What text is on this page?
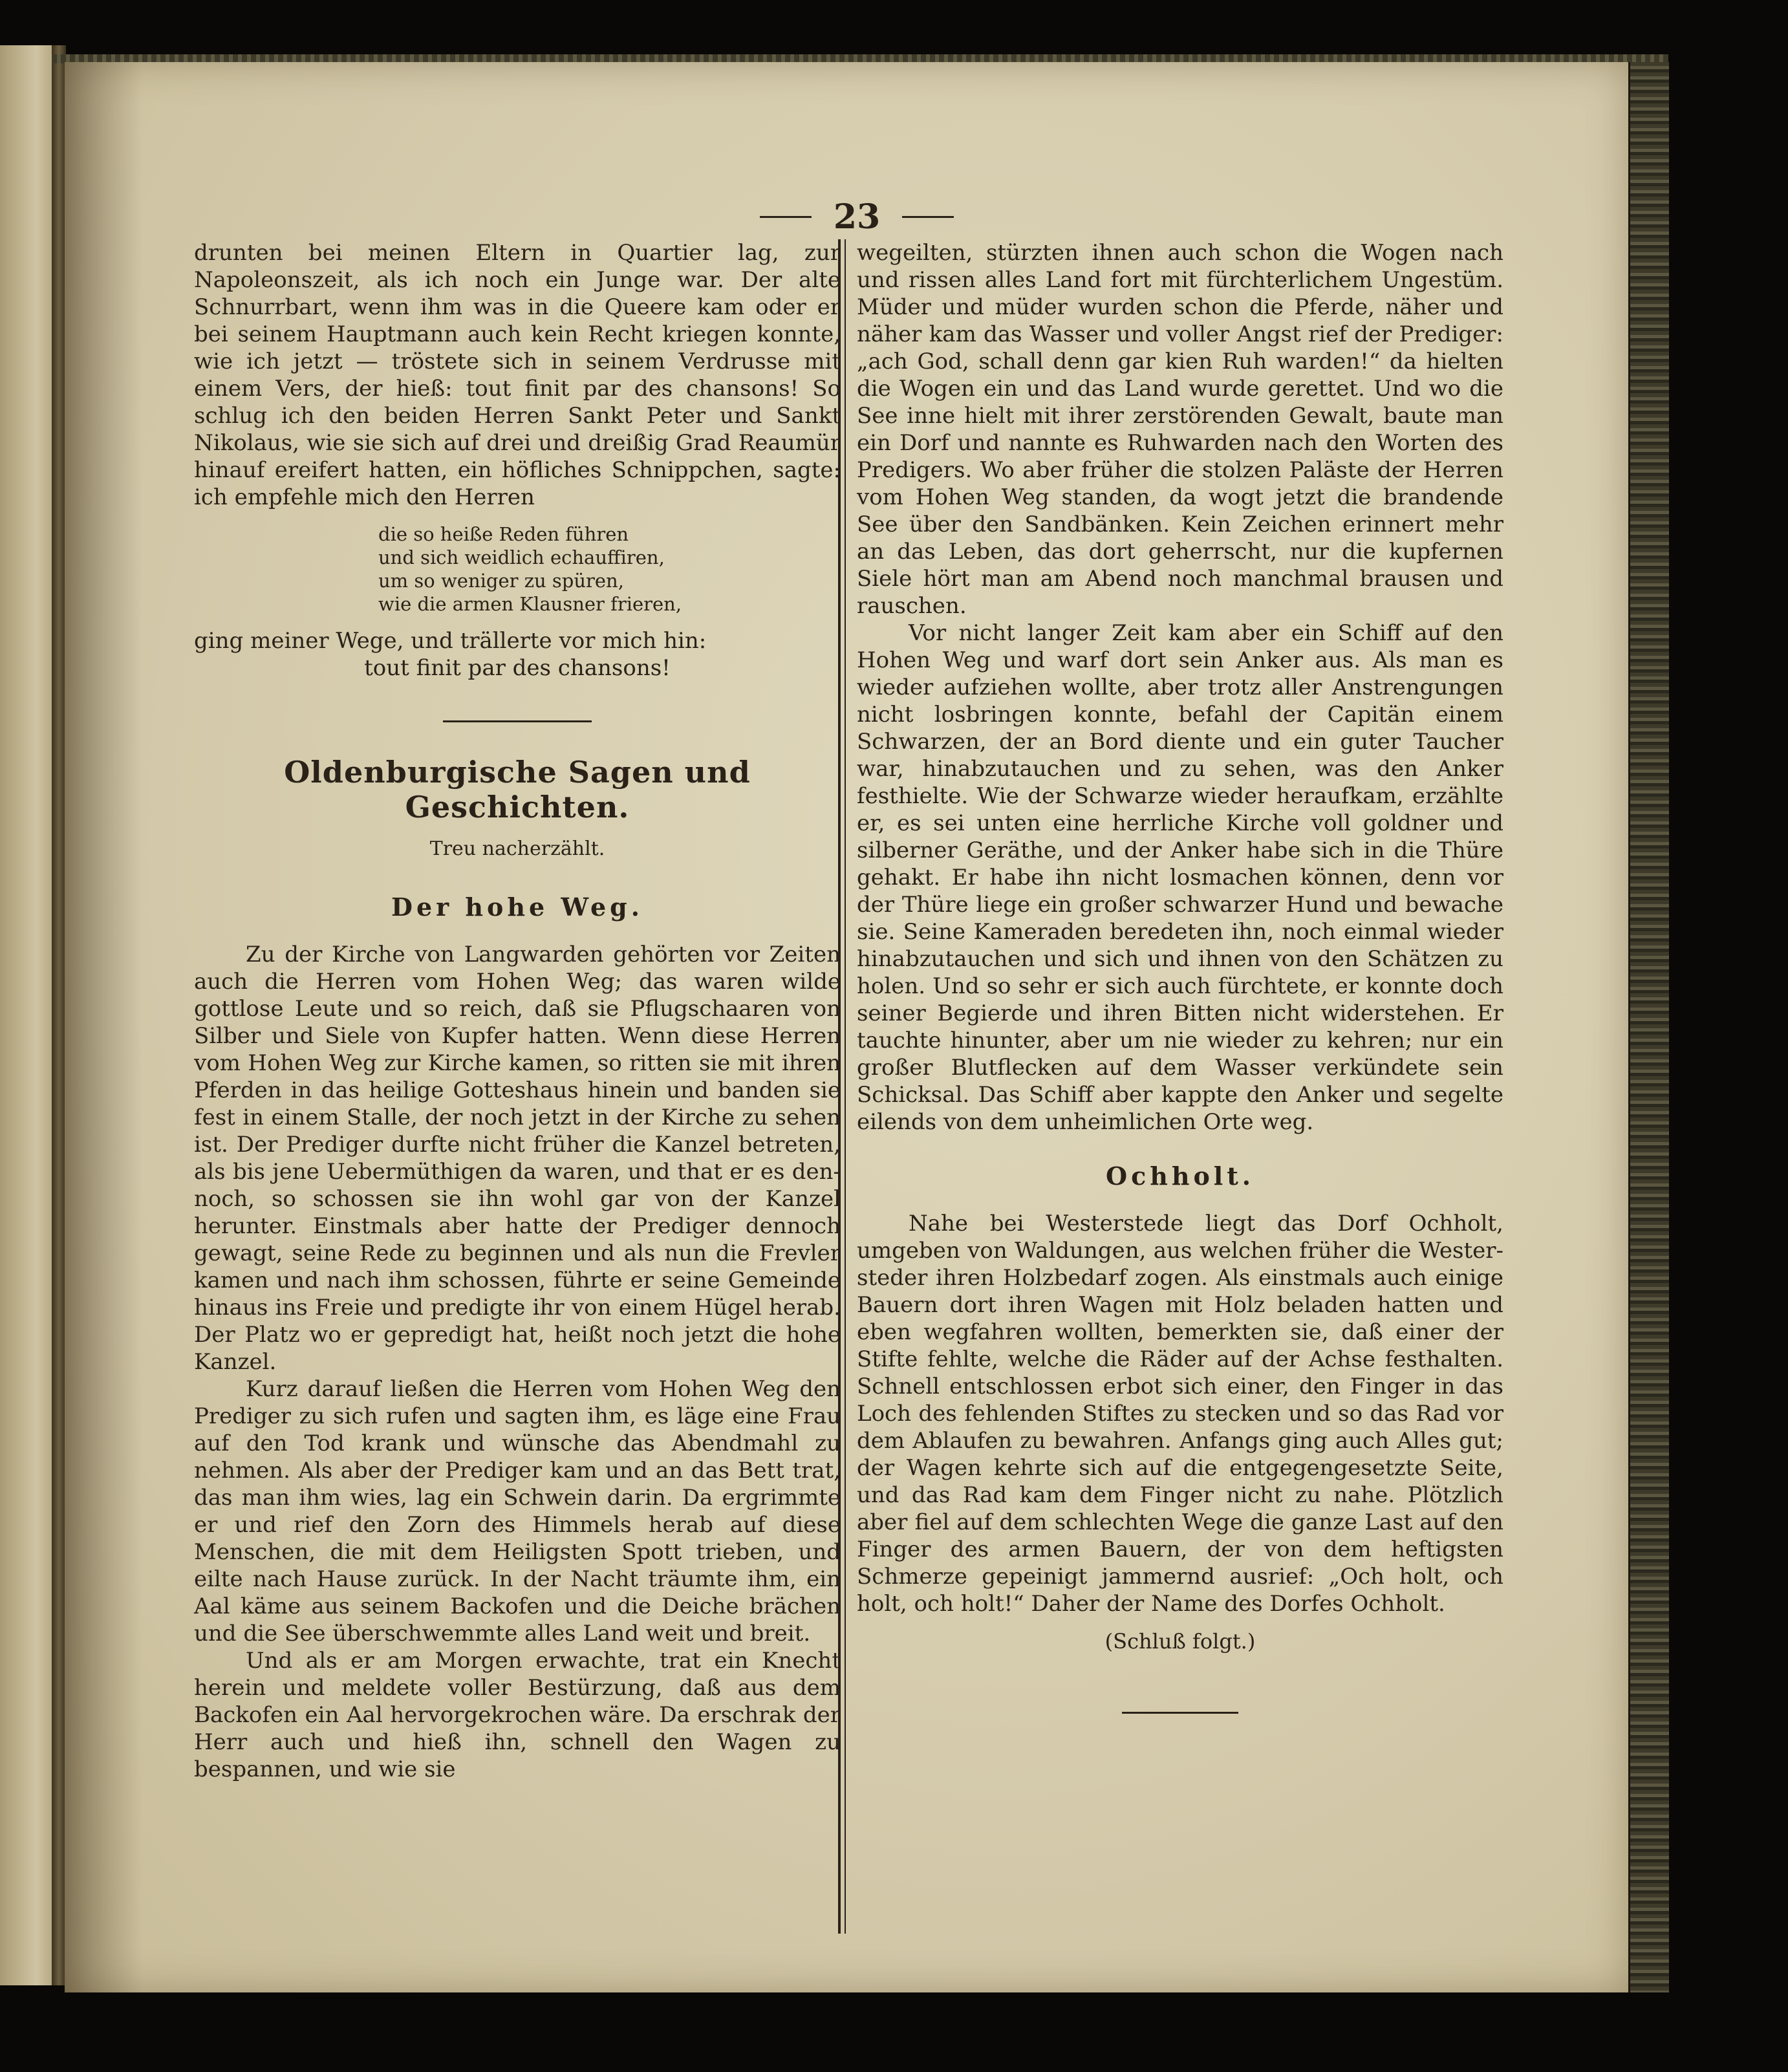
23

drunten bei meinen Eltern in Quartier lag, zur Napoleonszeit, als ich noch ein Junge war. Der alte Schnurrbart, wenn ihm was in die Queere kam oder er bei seinem Hauptmann auch kein Recht kriegen konnte, wie ich jetzt — tröstete sich in seinem Verdrusse mit einem Vers, der hieß: tout finit par des chansons! So schlug ich den beiden Herren Sankt Peter und Sankt Nikolaus, wie sie sich auf drei und dreißig Grad Reaumür hinauf ereifert hatten, ein höfliches Schnippchen, sagte: ich empfehle mich den Herren

die so heiße Reden führen
und sich weidlich echauffiren,
um so weniger zu spüren,
wie die armen Klausner frieren,

ging meiner Wege, und trällerte vor mich hin:

tout finit par des chansons!

Oldenburgische Sagen und Geschichten.
Treu nacherzählt.
Der hohe Weg.

Zu der Kirche von Langwarden gehörten vor Zeiten auch die Herren vom Hohen Weg; das waren wilde gottlose Leute und so reich, daß sie Pflugschaaren von Silber und Siele von Kupfer hatten. Wenn diese Herren vom Hohen Weg zur Kirche kamen, so ritten sie mit ihren Pferden in das heilige Gotteshaus hinein und banden sie fest in einem Stalle, der noch jetzt in der Kirche zu sehen ist. Der Prediger durfte nicht früher die Kanzel betreten, als bis jene Uebermüthigen da waren, und that er es dennoch, so schossen sie ihn wohl gar von der Kanzel herunter. Einstmals aber hatte der Prediger dennoch gewagt, seine Rede zu beginnen und als nun die Frevler kamen und nach ihm schossen, führte er seine Gemeinde hinaus ins Freie und predigte ihr von einem Hügel herab. Der Platz wo er gepredigt hat, heißt noch jetzt die hohe Kanzel.

Kurz darauf ließen die Herren vom Hohen Weg den Prediger zu sich rufen und sagten ihm, es läge eine Frau auf den Tod krank und wünsche das Abendmahl zu nehmen. Als aber der Prediger kam und an das Bett trat, das man ihm wies, lag ein Schwein darin. Da ergrimmte er und rief den Zorn des Himmels herab auf diese Menschen, die mit dem Heiligsten Spott trieben, und eilte nach Hause zurück. In der Nacht träumte ihm, ein Aal käme aus seinem Backofen und die Deiche brächen und die See überschwemmte alles Land weit und breit.

Und als er am Morgen erwachte, trat ein Knecht herein und meldete voller Bestürzung, daß aus dem Backofen ein Aal hervorgekrochen wäre. Da erschrak der Herr auch und hieß ihn, schnell den Wagen zu bespannen, und wie sie

wegeilten, stürzten ihnen auch schon die Wogen nach und rissen alles Land fort mit fürchterlichem Ungestüm. Müder und müder wurden schon die Pferde, näher und näher kam das Wasser und voller Angst rief der Prediger: „ach God, schall denn gar kien Ruh warden!“ da hielten die Wogen ein und das Land wurde gerettet. Und wo die See inne hielt mit ihrer zerstörenden Gewalt, baute man ein Dorf und nannte es Ruhwarden nach den Worten des Predigers. Wo aber früher die stolzen Paläste der Herren vom Hohen Weg standen, da wogt jetzt die brandende See über den Sandbänken. Kein Zeichen erinnert mehr an das Leben, das dort geherrscht, nur die kupfernen Siele hört man am Abend noch manchmal brausen und rauschen.

Vor nicht langer Zeit kam aber ein Schiff auf den Hohen Weg und warf dort sein Anker aus. Als man es wieder aufziehen wollte, aber trotz aller Anstrengungen nicht losbringen konnte, befahl der Capitän einem Schwarzen, der an Bord diente und ein guter Taucher war, hinabzutauchen und zu sehen, was den Anker festhielte. Wie der Schwarze wieder heraufkam, erzählte er, es sei unten eine herrliche Kirche voll goldner und silberner Geräthe, und der Anker habe sich in die Thüre gehakt. Er habe ihn nicht losmachen können, denn vor der Thüre liege ein großer schwarzer Hund und bewache sie. Seine Kameraden beredeten ihn, noch einmal wieder hinabzutauchen und sich und ihnen von den Schätzen zu holen. Und so sehr er sich auch fürchtete, er konnte doch seiner Begierde und ihren Bitten nicht widerstehen. Er tauchte hinunter, aber um nie wieder zu kehren; nur ein großer Blutflecken auf dem Wasser verkündete sein Schicksal. Das Schiff aber kappte den Anker und segelte eilends von dem unheimlichen Orte weg.

Ochholt.

Nahe bei Westerstede liegt das Dorf Ochholt, umgeben von Waldungen, aus welchen früher die Westersteder ihren Holzbedarf zogen. Als einstmals auch einige Bauern dort ihren Wagen mit Holz beladen hatten und eben wegfahren wollten, bemerkten sie, daß einer der Stifte fehlte, welche die Räder auf der Achse festhalten. Schnell entschlossen erbot sich einer, den Finger in das Loch des fehlenden Stiftes zu stecken und so das Rad vor dem Ablaufen zu bewahren. Anfangs ging auch Alles gut; der Wagen kehrte sich auf die entgegengesetzte Seite, und das Rad kam dem Finger nicht zu nahe. Plötzlich aber fiel auf dem schlechten Wege die ganze Last auf den Finger des armen Bauern, der von dem heftigsten Schmerze gepeinigt jammernd ausrief: „Och holt, och holt, och holt!“ Daher der Name des Dorfes Ochholt.

(Schluß folgt.)
